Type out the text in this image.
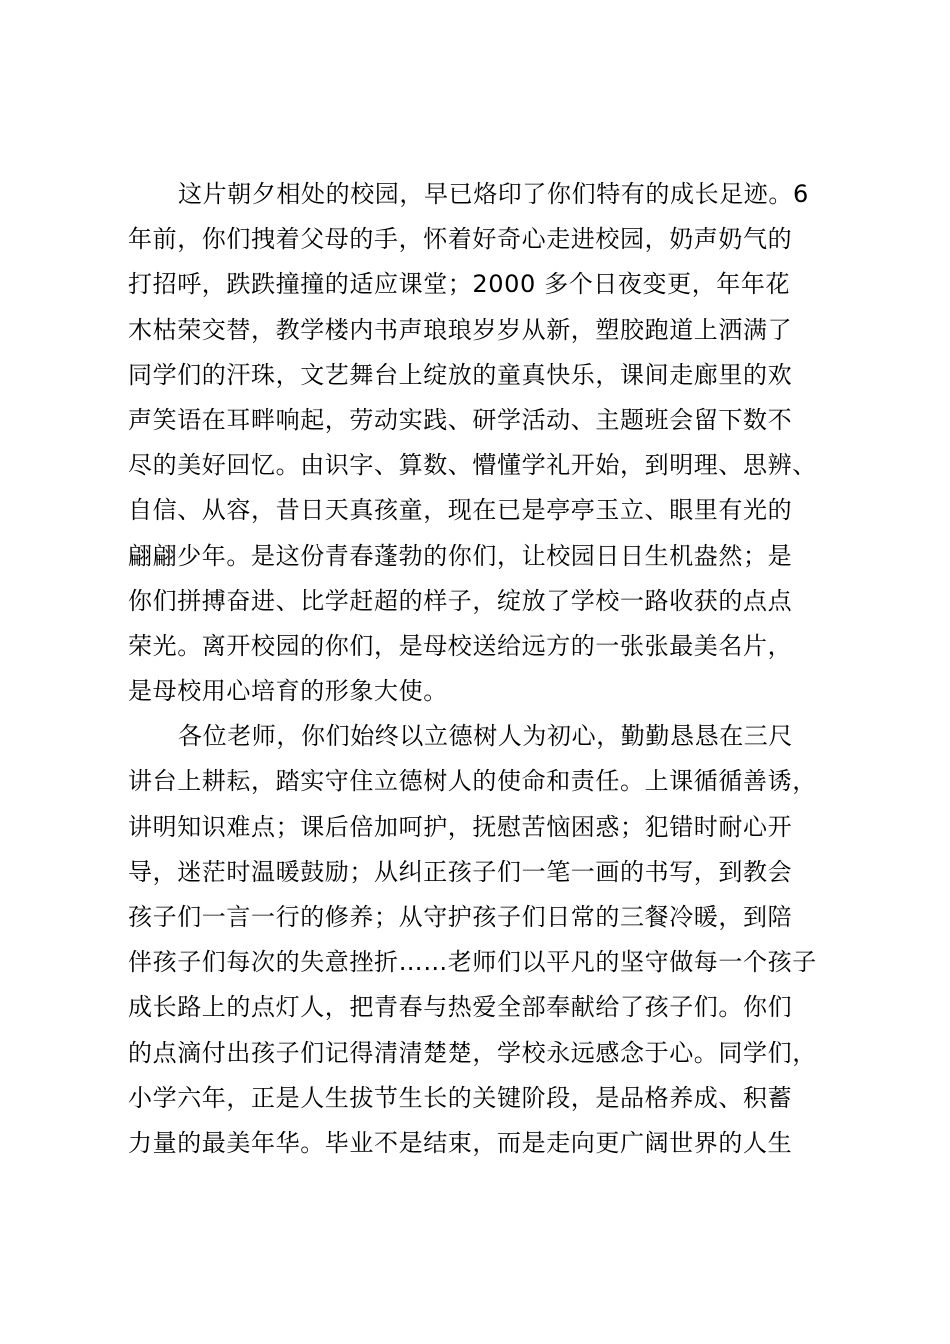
这片朝夕相处的校园，早已烙印了你们特有的成长足迹。6
年前，你们拽着父母的手，怀着好奇心走进校园，奶声奶气的
打招呼，跌跌撞撞的适应课堂；2000 多个日夜变更，年年花
木枯荣交替，教学楼内书声琅琅岁岁从新，塑胶跑道上洒满了
同学们的汗珠，文艺舞台上绽放的童真快乐，课间走廊里的欢
声笑语在耳畔响起，劳动实践、研学活动、主题班会留下数不
尽的美好回忆。由识字、算数、懵懂学礼开始，到明理、思辨、
自信、从容，昔日天真孩童，现在已是亭亭玉立、眼里有光的
翩翩少年。是这份青春蓬勃的你们，让校园日日生机盎然；是
你们拼搏奋进、比学赶超的样子，绽放了学校一路收获的点点
荣光。离开校园的你们，是母校送给远方的一张张最美名片，
是母校用心培育的形象大使。
各位老师，你们始终以立德树人为初心，勤勤恳恳在三尺
讲台上耕耘，踏实守住立德树人的使命和责任。上课循循善诱，
讲明知识难点；课后倍加呵护，抚慰苦恼困惑；犯错时耐心开
导，迷茫时温暖鼓励；从纠正孩子们一笔一画的书写，到教会
孩子们一言一行的修养；从守护孩子们日常的三餐冷暖，到陪
伴孩子们每次的失意挫折……老师们以平凡的坚守做每一个孩子
成长路上的点灯人，把青春与热爱全部奉献给了孩子们。你们
的点滴付出孩子们记得清清楚楚，学校永远感念于心。同学们，
小学六年，正是人生拔节生长的关键阶段，是品格养成、积蓄
力量的最美年华。毕业不是结束，而是走向更广阔世界的人生
